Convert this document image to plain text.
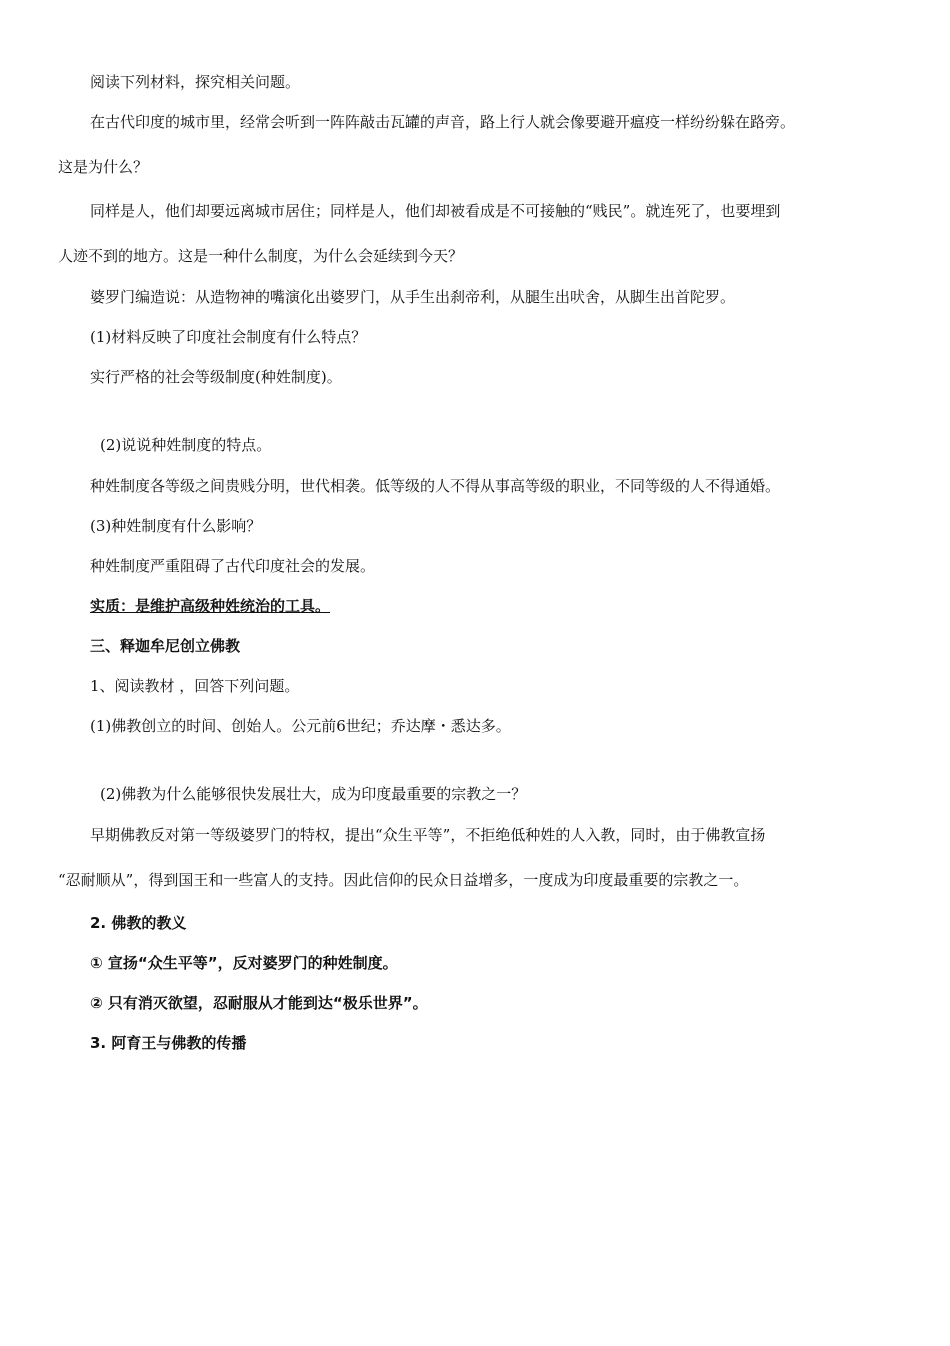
阅读下列材料，探究相关问题。
在古代印度的城市里，经常会听到一阵阵敲击瓦罐的声音，路上行人就会像要避开瘟疫一样纷纷躲在路旁。
这是为什么？
同样是人，他们却要远离城市居住；同样是人，他们却被看成是不可接触的“贱民”。就连死了，也要埋到
人迹不到的地方。这是一种什么制度，为什么会延续到今天？
婆罗门编造说：从造物神的嘴演化出婆罗门，从手生出刹帝利，从腿生出吠舍，从脚生出首陀罗。
(1)材料反映了印度社会制度有什么特点？
实行严格的社会等级制度(种姓制度)。
(2)说说种姓制度的特点。
种姓制度各等级之间贵贱分明，世代相袭。低等级的人不得从事高等级的职业，不同等级的人不得通婚。
(3)种姓制度有什么影响？
种姓制度严重阻碍了古代印度社会的发展。
实质：是维护高级种姓统治的工具。
三、释迦牟尼创立佛教
1、阅读教材 ，回答下列问题。
(1)佛教创立的时间、创始人。公元前6世纪；乔达摩・悉达多。
(2)佛教为什么能够很快发展壮大，成为印度最重要的宗教之一？
早期佛教反对第一等级婆罗门的特权，提出“众生平等”，不拒绝低种姓的人入教，同时，由于佛教宣扬
“忍耐顺从”，得到国王和一些富人的支持。因此信仰的民众日益增多，一度成为印度最重要的宗教之一。
2. 佛教的教义
① 宣扬“众生平等”，反对婆罗门的种姓制度。
② 只有消灭欲望，忍耐服从才能到达“极乐世界”。
3. 阿育王与佛教的传播
